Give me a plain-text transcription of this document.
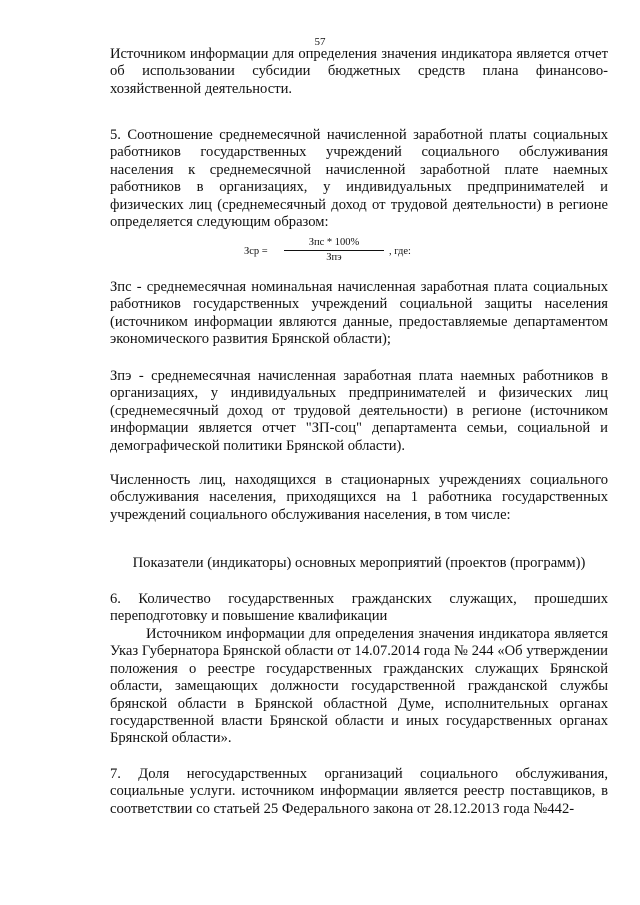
57

Источником информации для определения значения индикатора является отчет об использовании субсидии бюджетных средств плана финансово-хозяйственной деятельности.

5. Соотношение среднемесячной начисленной заработной платы социальных работников государственных учреждений социального обслуживания населения к среднемесячной начисленной заработной плате наемных работников в организациях, у индивидуальных предпринимателей и физических лиц (среднемесячный доход от трудовой деятельности) в регионе определяется следующим образом:

Зср =
Зпс * 100%
Зпэ
, где:

Зпс - среднемесячная номинальная начисленная заработная плата социальных работников государственных учреждений социальной защиты населения (источником информации являются данные, предоставляемые департаментом экономического развития Брянской области);

Зпэ - среднемесячная начисленная заработная плата наемных работников в организациях, у индивидуальных предпринимателей и физических лиц (среднемесячный доход от трудовой деятельности) в регионе (источником информации является отчет "ЗП-соц" департамента семьи, социальной и демографической политики Брянской области).

Численность лиц, находящихся в стационарных учреждениях социального обслуживания населения, приходящихся на 1 работника государственных учреждений социального обслуживания населения, в том числе:

Показатели (индикаторы) основных мероприятий (проектов (программ))

6. Количество государственных гражданских служащих, прошедших переподготовку и повышение квалификации

Источником информации для определения значения индикатора является Указ Губернатора Брянской области от 14.07.2014 года № 244 «Об утверждении положения о реестре государственных гражданских служащих Брянской области, замещающих должности государственной гражданской службы брянской области в Брянской областной Думе, исполнительных органах государственной власти Брянской области и иных государственных органах Брянской области».

7. Доля негосударственных организаций социального обслуживания, социальные услуги. источником информации является реестр поставщиков, в соответствии со статьей 25 Федерального закона от 28.12.2013 года №442-
